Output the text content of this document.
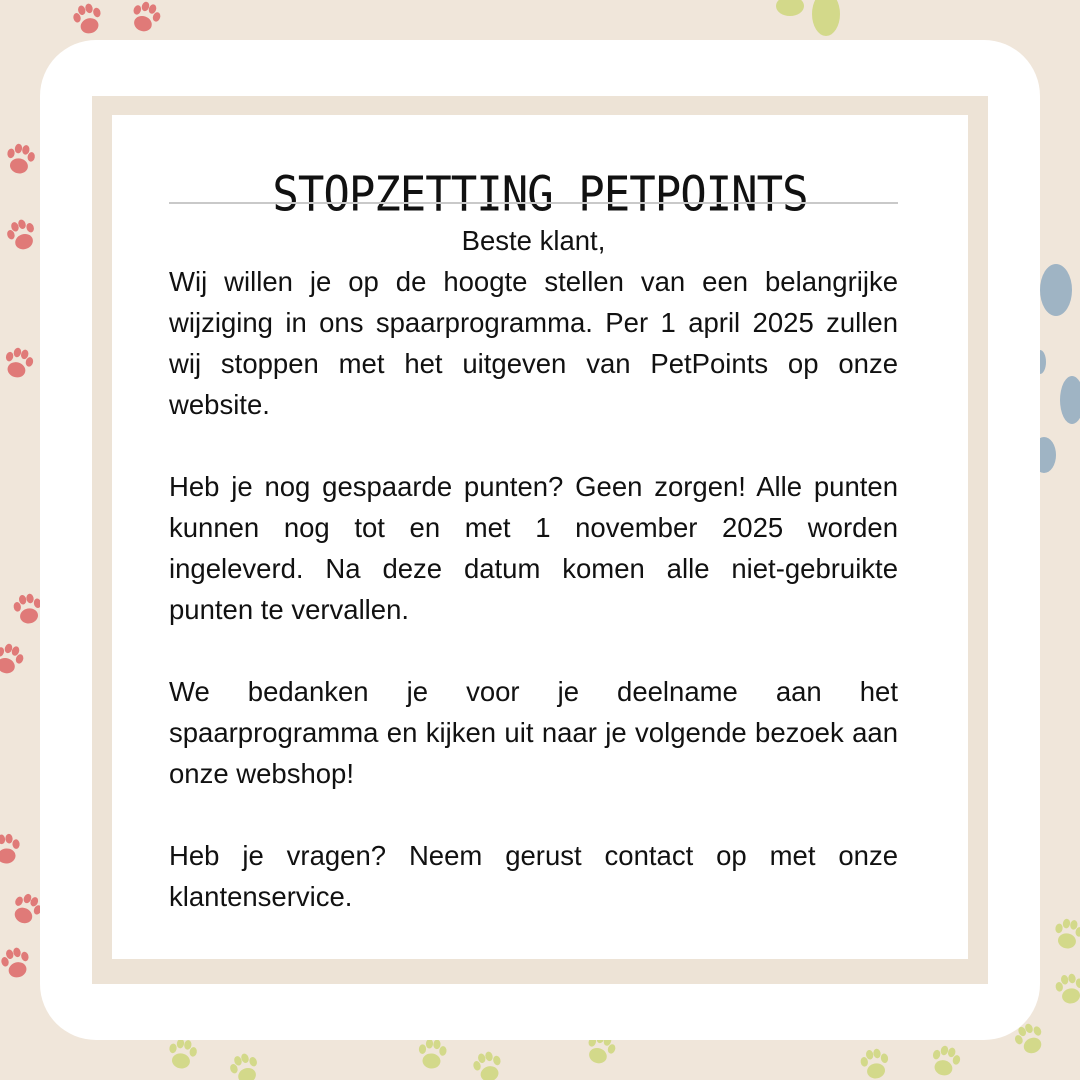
STOPZETTING PETPOINTS

Beste klant,

Wij willen je op de hoogte stellen van een belangrijke wijziging in ons spaarprogramma. Per 1 april 2025 zullen wij stoppen met het uitgeven van PetPoints op onze website.

Heb je nog gespaarde punten? Geen zorgen! Alle punten kunnen nog tot en met 1 november 2025 worden ingeleverd. Na deze datum komen alle niet-gebruikte punten te vervallen.

We bedanken je voor je deelname aan het spaarprogramma en kijken uit naar je volgende bezoek aan onze webshop!

Heb je vragen? Neem gerust contact op met onze klantenservice.
